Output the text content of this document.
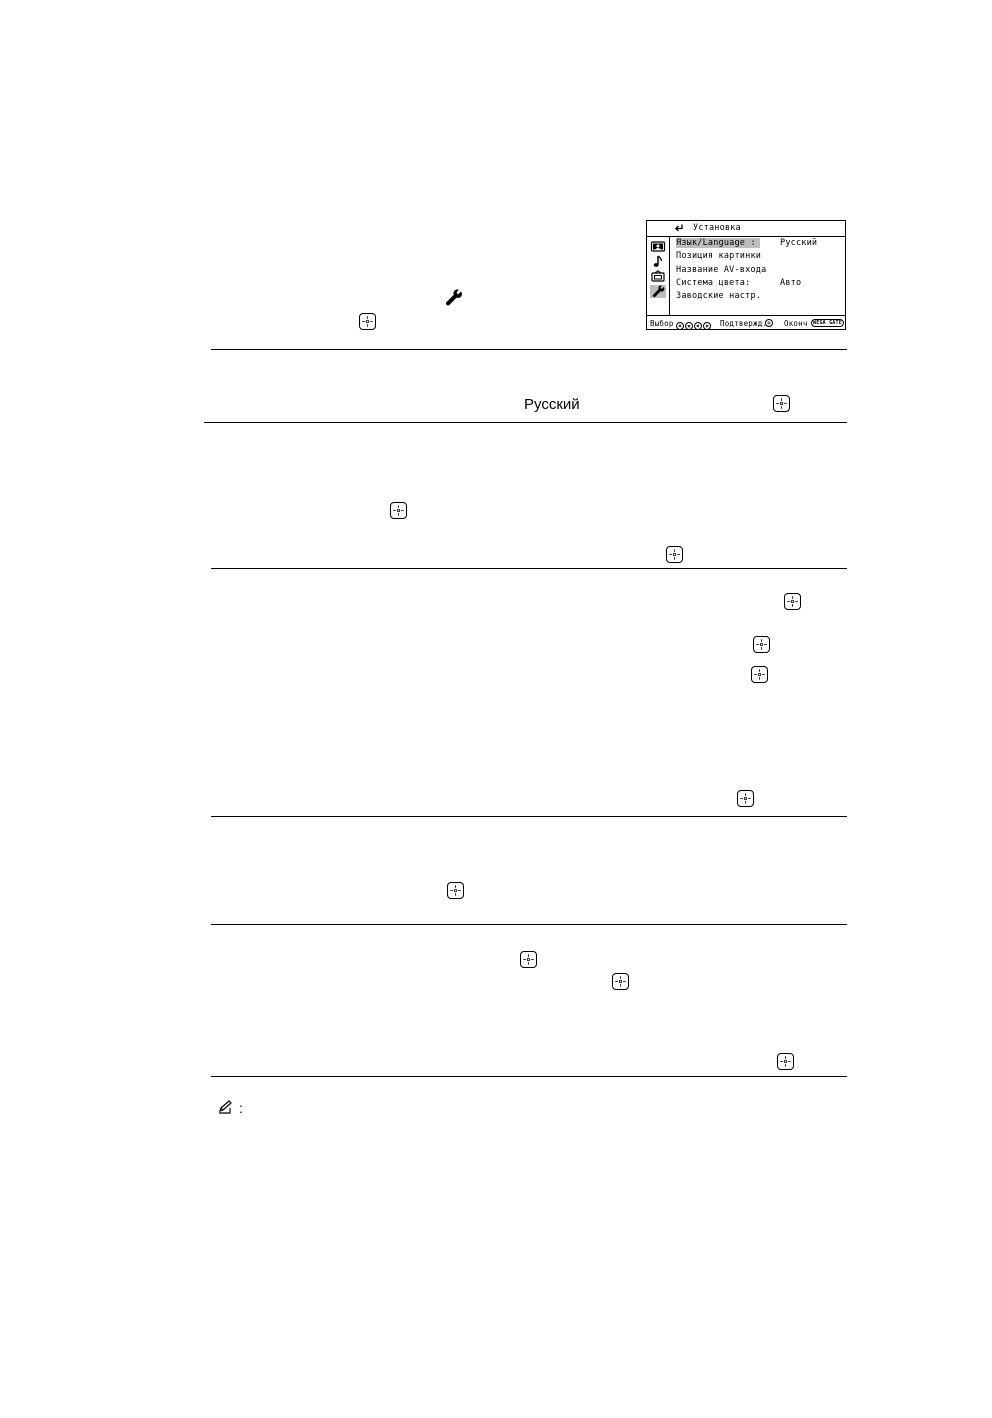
Установка
Язык/Language :	Русский
Позиция картинки
Название AV-входа
Система цвета:	Авто
Заводские настр.
Выбор	Подтвержд. Оконч	WEGA GATE
Русский
:
